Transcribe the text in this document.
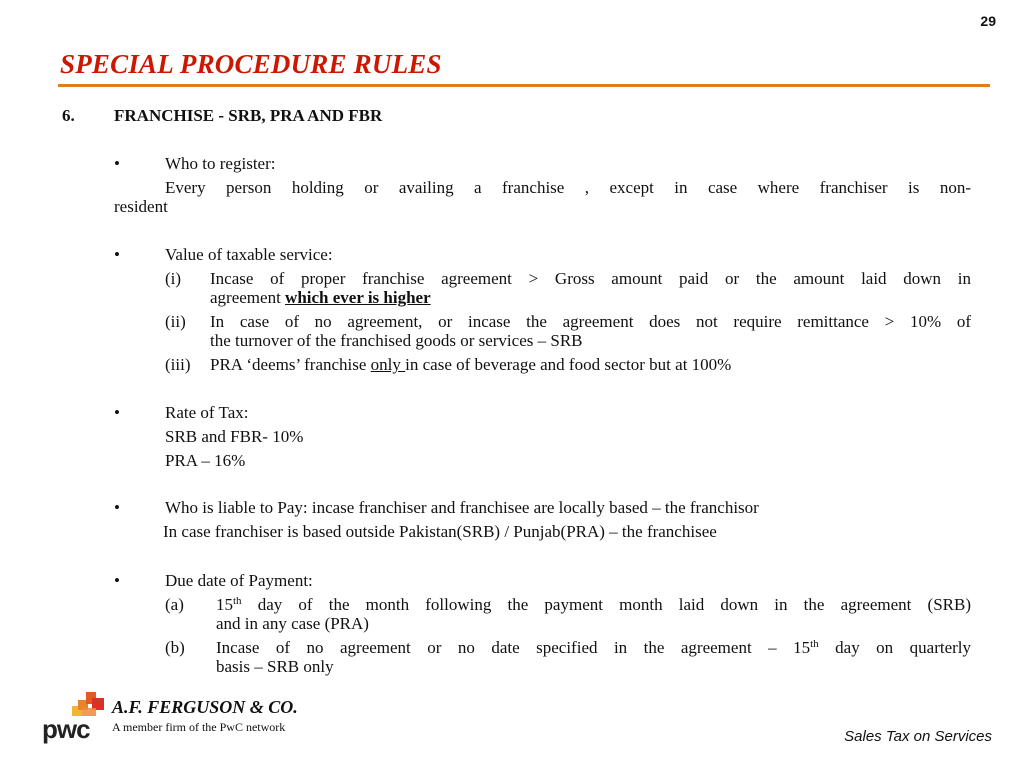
29
SPECIAL PROCEDURE RULES
6. FRANCHISE - SRB, PRA AND FBR
•	Who to register:
Every person holding or availing a franchise , except in case where franchiser is non-
resident
•	Value of taxable service:
(i) Incase of proper franchise agreement > Gross amount paid or the amount laid down in
agreement which ever is higher
(ii) In case of no agreement, or incase the agreement does not require remittance > 10% of
the turnover of the franchised goods or services – SRB
(iii) PRA ‘deems’ franchise only in case of beverage and food sector but at 100%
•	Rate of Tax:
SRB and FBR- 10%
PRA – 16%
•	Who is liable to Pay: incase franchiser and franchisee are locally based – the franchisor
In case franchiser is based outside Pakistan(SRB) / Punjab(PRA) – the franchisee
•	Due date of Payment:
(a) 15th day of the month following the payment month laid down in the agreement (SRB)
and in any case (PRA)
(b) Incase of no agreement or no date specified in the agreement – 15th day on quarterly
basis – SRB only
pwc
A.F. FERGUSON & CO.
A member firm of the PwC network
Sales Tax on Services
